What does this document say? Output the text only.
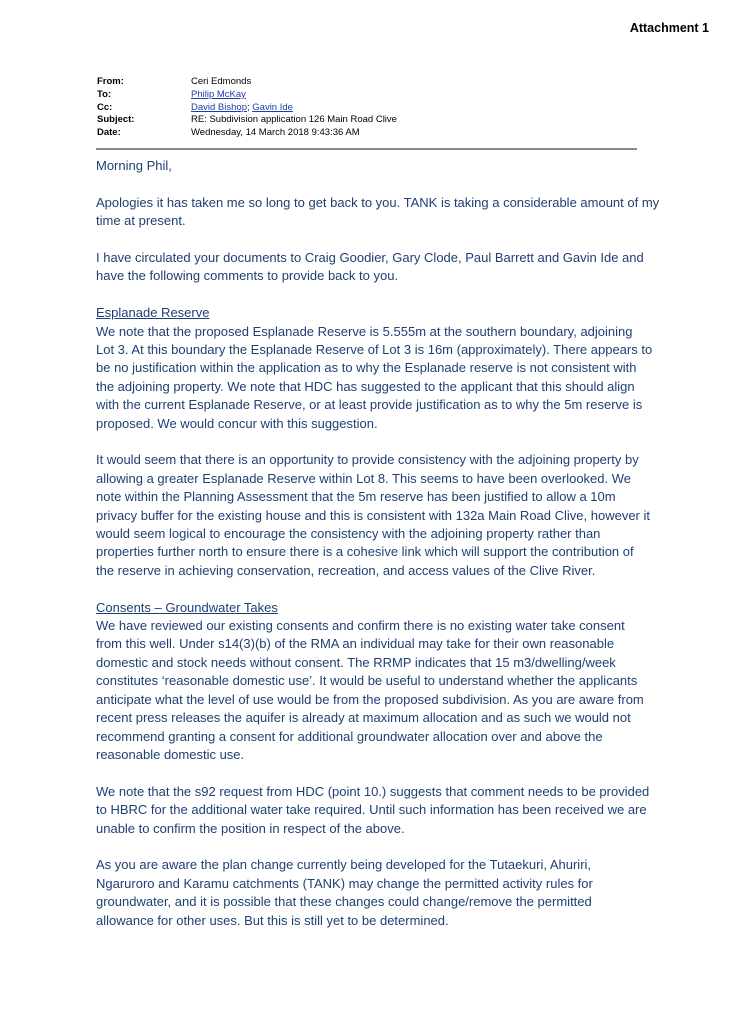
Attachment 1
From:	Ceri Edmonds
To:	Philip McKay
Cc:	David Bishop; Gavin Ide
Subject:	RE: Subdivision application 126 Main Road Clive
Date:	Wednesday, 14 March 2018 9:43:36 AM

Morning Phil,

Apologies it has taken me so long to get back to you. TANK is taking a considerable amount of my
time at present.

I have circulated your documents to Craig Goodier, Gary Clode, Paul Barrett and Gavin Ide and
have the following comments to provide back to you.

Esplanade Reserve
We note that the proposed Esplanade Reserve is 5.555m at the southern boundary, adjoining
Lot 3. At this boundary the Esplanade Reserve of Lot 3 is 16m (approximately). There appears to
be no justification within the application as to why the Esplanade reserve is not consistent with
the adjoining property. We note that HDC has suggested to the applicant that this should align
with the current Esplanade Reserve, or at least provide justification as to why the 5m reserve is
proposed. We would concur with this suggestion.

It would seem that there is an opportunity to provide consistency with the adjoining property by
allowing a greater Esplanade Reserve within Lot 8. This seems to have been overlooked. We
note within the Planning Assessment that the 5m reserve has been justified to allow a 10m
privacy buffer for the existing house and this is consistent with 132a Main Road Clive, however it
would seem logical to encourage the consistency with the adjoining property rather than
properties further north to ensure there is a cohesive link which will support the contribution of
the reserve in achieving conservation, recreation, and access values of the Clive River.

Consents – Groundwater Takes
We have reviewed our existing consents and confirm there is no existing water take consent
from this well. Under s14(3)(b) of the RMA an individual may take for their own reasonable
domestic and stock needs without consent. The RRMP indicates that 15 m3/dwelling/week
constitutes ‘reasonable domestic use’. It would be useful to understand whether the applicants
anticipate what the level of use would be from the proposed subdivision. As you are aware from
recent press releases the aquifer is already at maximum allocation and as such we would not
recommend granting a consent for additional groundwater allocation over and above the
reasonable domestic use.

We note that the s92 request from HDC (point 10.) suggests that comment needs to be provided
to HBRC for the additional water take required. Until such information has been received we are
unable to confirm the position in respect of the above.

As you are aware the plan change currently being developed for the Tutaekuri, Ahuriri,
Ngaruroro and Karamu catchments (TANK) may change the permitted activity rules for
groundwater, and it is possible that these changes could change/remove the permitted
allowance for other uses. But this is still yet to be determined.
